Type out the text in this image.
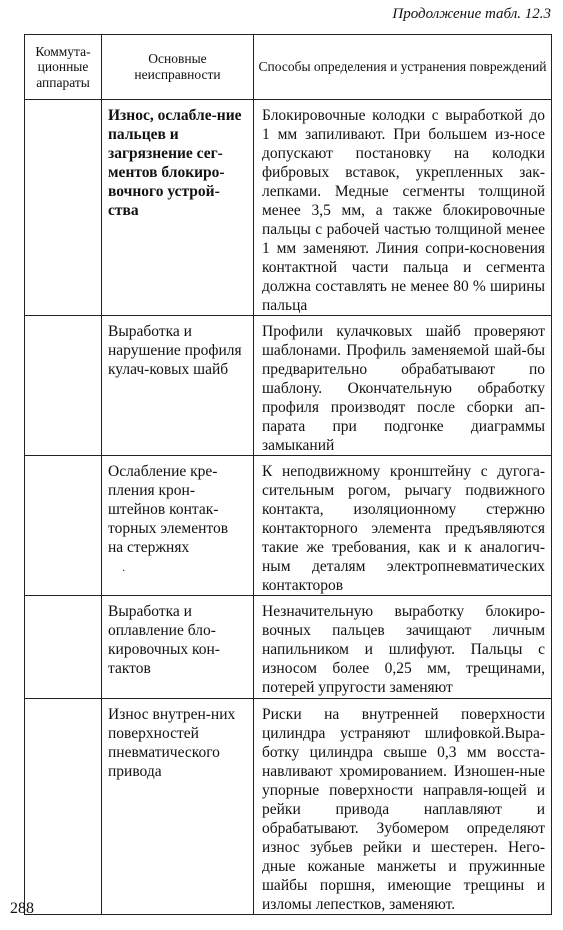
Продолжение табл. 12.3
Коммута-ционные аппараты	Основные неисправности	Способы определения и устранения повреждений
	Износ, ослабле-ние пальцев и загрязнение сег-ментов блокиро-вочного устрой-ства	Блокировочные колодки с выработкой до 1 мм запиливают. При большем из-носе допускают постановку на колодки фибровых вставок, укрепленных зак-лепками. Медные сегменты толщиной менее 3,5 мм, а также блокировочные пальцы с рабочей частью толщиной менее 1 мм заменяют. Линия сопри-косновения контактной части пальца и сегмента должна составлять не менее 80 % ширины пальца
	Выработка и нарушение профиля кулач-ковых шайб	Профили кулачковых шайб проверяют шаблонами. Профиль заменяемой шай-бы предварительно обрабатывают по шаблону. Окончательную обработку профиля производят после сборки ап-парата при подгонке диаграммы замыканий
	Ослабление кре-пления крон-штейнов контак-торных элементов на стержнях	К неподвижному кронштейну с дугога-сительным рогом, рычагу подвижного контакта, изоляционному стержню контакторного элемента предъявляются такие же требования, как и к аналогич-ным деталям электропневматических контакторов
	Выработка и оплавление бло-кировочных кон-тактов	Незначительную выработку блокиро-вочных пальцев зачищают личным напильником и шлифуют. Пальцы с износом более 0,25 мм, трещинами, потерей упругости заменяют
	Износ внутрен-них поверхностей пневматического привода	Риски на внутренней поверхности цилиндра устраняют шлифовкой.Выра-ботку цилиндра свыше 0,3 мм восста-навливают хромированием. Изношен-ные упорные поверхности направля-ющей и рейки привода наплавляют и обрабатывают. Зубомером определяют износ зубьев рейки и шестерен. Него-дные кожаные манжеты и пружинные шайбы поршня, имеющие трещины и изломы лепестков, заменяют.
·
288
